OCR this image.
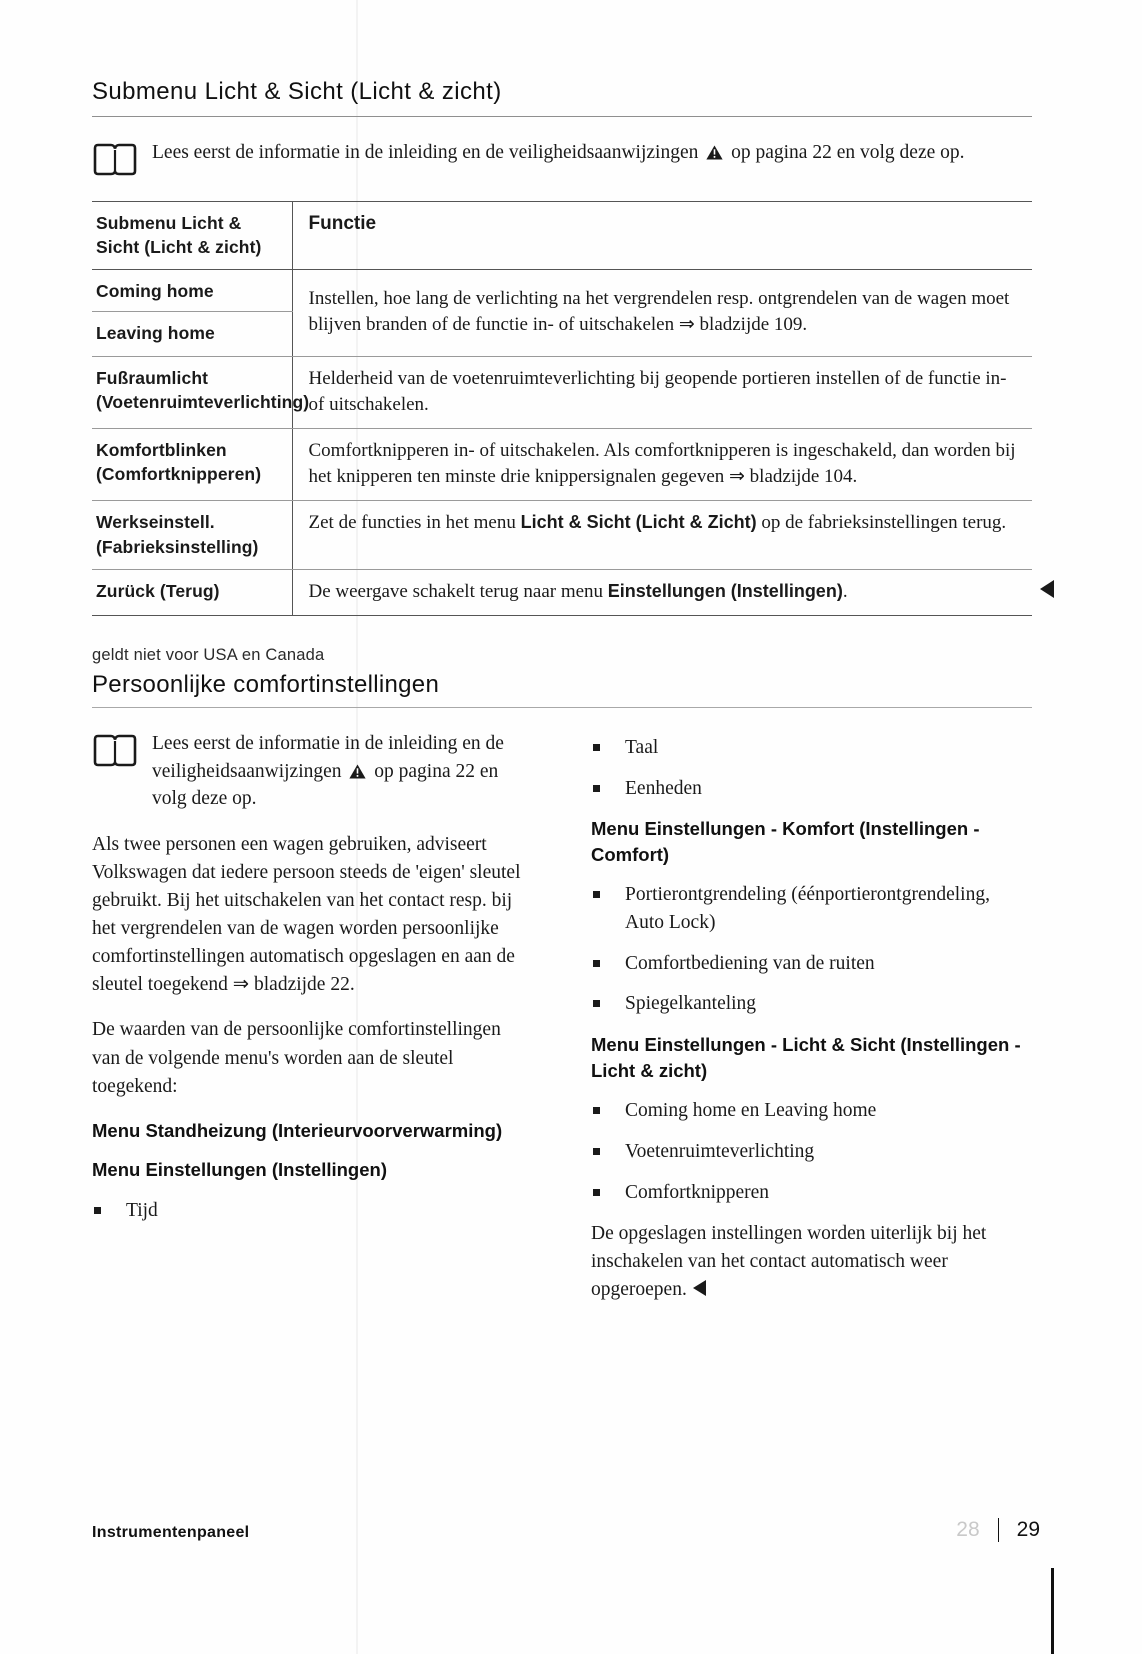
Submenu Licht & Sicht (Licht & zicht)
Lees eerst de informatie in de inleiding en de veiligheidsaanwijzingen op pagina 22 en volg deze op.
Submenu Licht & Sicht (Licht & zicht)	Functie
Coming home	Instellen, hoe lang de verlichting na het vergrendelen resp. ontgrendelen van de wagen moet blijven branden of de functie in- of uitschakelen ⇒ bladzijde 109.
Leaving home	
Fußraumlicht (Voetenruimteverlichting)	Helderheid van de voetenruimteverlichting bij geopende portieren instellen of de functie in- of uitschakelen.
Komfortblinken (Comfortknipperen)	Comfortknipperen in- of uitschakelen. Als comfortknipperen is ingeschakeld, dan worden bij het knipperen ten minste drie knippersignalen gegeven ⇒ bladzijde 104.
Werkseinstell. (Fabrieksinstelling)	Zet de functies in het menu Licht & Sicht (Licht & Zicht) op de fabrieksinstellingen terug.
Zurück (Terug)	De weergave schakelt terug naar menu Einstellungen (Instellingen).
geldt niet voor USA en Canada
Persoonlijke comfortinstellingen
Lees eerst de informatie in de inleiding en de veiligheidsaanwijzingen op pagina 22 en volg deze op.

Als twee personen een wagen gebruiken, adviseert Volkswagen dat iedere persoon steeds de 'eigen' sleutel gebruikt. Bij het uitschakelen van het contact resp. bij het vergrendelen van de wagen worden persoonlijke comfortinstellingen automatisch opgeslagen en aan de sleutel toegekend ⇒ bladzijde 22.

De waarden van de persoonlijke comfortinstellingen van de volgende menu's worden aan de sleutel toegekend:

Menu Standheizung (Interieurvoorverwarming)
Menu Einstellungen (Instellingen)
Tijd
Taal
Eenheden
Menu Einstellungen - Komfort (Instellingen - Comfort)
Portierontgrendeling (éénportierontgrendeling, Auto Lock)
Comfortbediening van de ruiten
Spiegelkanteling
Menu Einstellungen - Licht & Sicht (Instellingen - Licht & zicht)
Coming home en Leaving home
Voetenruimteverlichting
Comfortknipperen

De opgeslagen instellingen worden uiterlijk bij het inschakelen van het contact automatisch weer opgeroepen.

Instrumentenpaneel	28	29
